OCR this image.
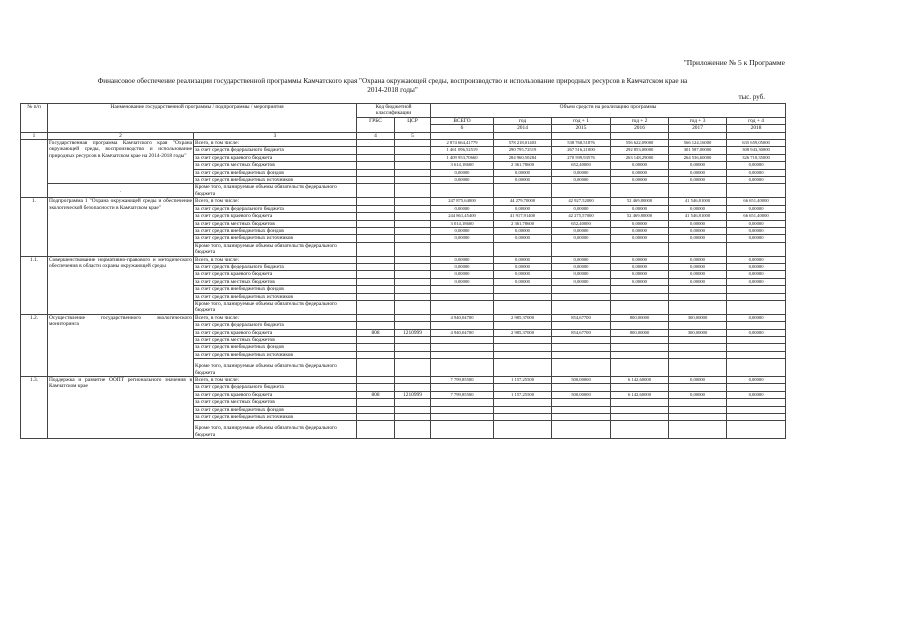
"Приложение № 5 к Программе
Финансовое обеспечение реализации государственной программы Камчатского края "Охрана окружающей среды, воспроизводство и использование природных ресурсов в Камчатском крае на
2014-2018 годы"
тыс. руб.
№ п/п	Наименование государственной программы / подпрограммы / мероприятия		Код бюджетной классификации		Объем средств на реализацию программы					
			ГРБС	ЦСР	ВСЕГО	год	год + 1	год + 2	год + 3	год + 4
					6	2014	2015	2016	2017	2018
1	2	3	4	5						
	Государственная программа Камчатского края "Охрана окружающей среды, воспроизводство и использование природных ресурсов в Камчатском крае на 2014-2018 годы"	Всего, в том числе:			2 874 664,41779	578 218,01403	538 768,51876	556 622,09000	566 124,16000	635 659,05000
		за счет средств федерального бюджета			1 461 096,52519	290 795,72519	267 516,21000	292 853,00000	301 587,00000	308 943,30000
		за счет средств краевого бюджета			1 409 953,70660	284 960,50284	270 599,93576	263 148,29000	264 536,60000	326 710,35000
		за счет средств местных бюджетов			3 614,18600	2 361,78600	652,40000	0,00000	0,00000	0,00000
		за счет средств внебюджетных фондов			0,00000	0,00000	0,00000	0,00000	0,00000	0,00000
		за счет средств внебюджетных источников			0,00000	0,00000	0,00000	0,00000	0,00000	0,00000
	.	Кроме того, планируемые объемы обязательств федерального бюджета								
1.	Подпрограмма 1 "Охрана окружающей среды и обеспечение экологической безопасности в Камчатском крае"	Всего, в том числе:			247 875,64000	44 279,70000	42 927,52000	52 469,80000	41 546,81000	66 651,40000
		за счет средств федерального бюджета			0,00000	0,00000	0,00000	0,00000	0,00000	0,00000
		за счет средств краевого бюджета			244 861,45400	41 917,91400	42 275,57000	52 469,80000	41 546,81000	66 651,40000
		за счет средств местных бюджетов			3 014,18600	2 361,78600	652,40000	0,00000	0,00000	0,00000
		за счет средств внебюджетных фондов			0,00000	0,00000	0,00000	0,00000	0,00000	0,00000
		за счет средств внебюджетных источников			0,00000	0,00000	0,00000	0,00000	0,00000	0,00000
		Кроме того, планируемые объемы обязательств федерального бюджета								
1.1.	Совершенствование нормативно-правового и методического обеспечения в области охраны окружающей среды	Всего, в том числе:			0,00000	0,00000	0,00000	0,00000	0,00000	0,00000
		за счет средств федерального бюджета			0,00000	0,00000	0,00000	0,00000	0,00000	0,00000
		за счет средств краевого бюджета			0,00000	0,00000	0,00000	0,00000	0,00000	0,00000
		за счет средств местных бюджетов			0,00000	0,00000	0,00000	0,00000	0,00000	0,00000
		за счет средств внебюджетных фондов								
		за счет средств внебюджетных источников								
		Кроме того, планируемые объемы обязательств федерального бюджета								
1.2.	Осуществление государственного экологического мониторинга	Всего, в том числе:			4 940,04700	2 985,37000	854,67700	800,00000	300,00000	0,00000
		за счет средств федерального бюджета								
		за счет средств краевого бюджета	808	1210999	4 940,04700	2 985,37000	854,67700	800,00000	300,00000	0,00000
		за счет средств местных бюджетов								
		за счет средств внебюджетных фондов								
		за счет средств внебюджетных источников								
		Кроме того, планируемые объемы обязательств федерального бюджета								
1.3.	Поддержка и развитие ООПТ регионального значения в Камчатском крае	Всего, в том числе:			7 799,85500	1 157,25500	500,00000	6 142,60000	0,00000	0,00000
		за счет средств федерального бюджета								
		за счет средств краевого бюджета	808	1210999	7 799,85500	1 157,25500	500,00000	6 142,60000	0,00000	0,00000
		за счет средств местных бюджетов								
		за счет средств внебюджетных фондов								
		за счет средств внебюджетных источников								
		Кроме того, планируемые объемы обязательств федерального бюджета								
